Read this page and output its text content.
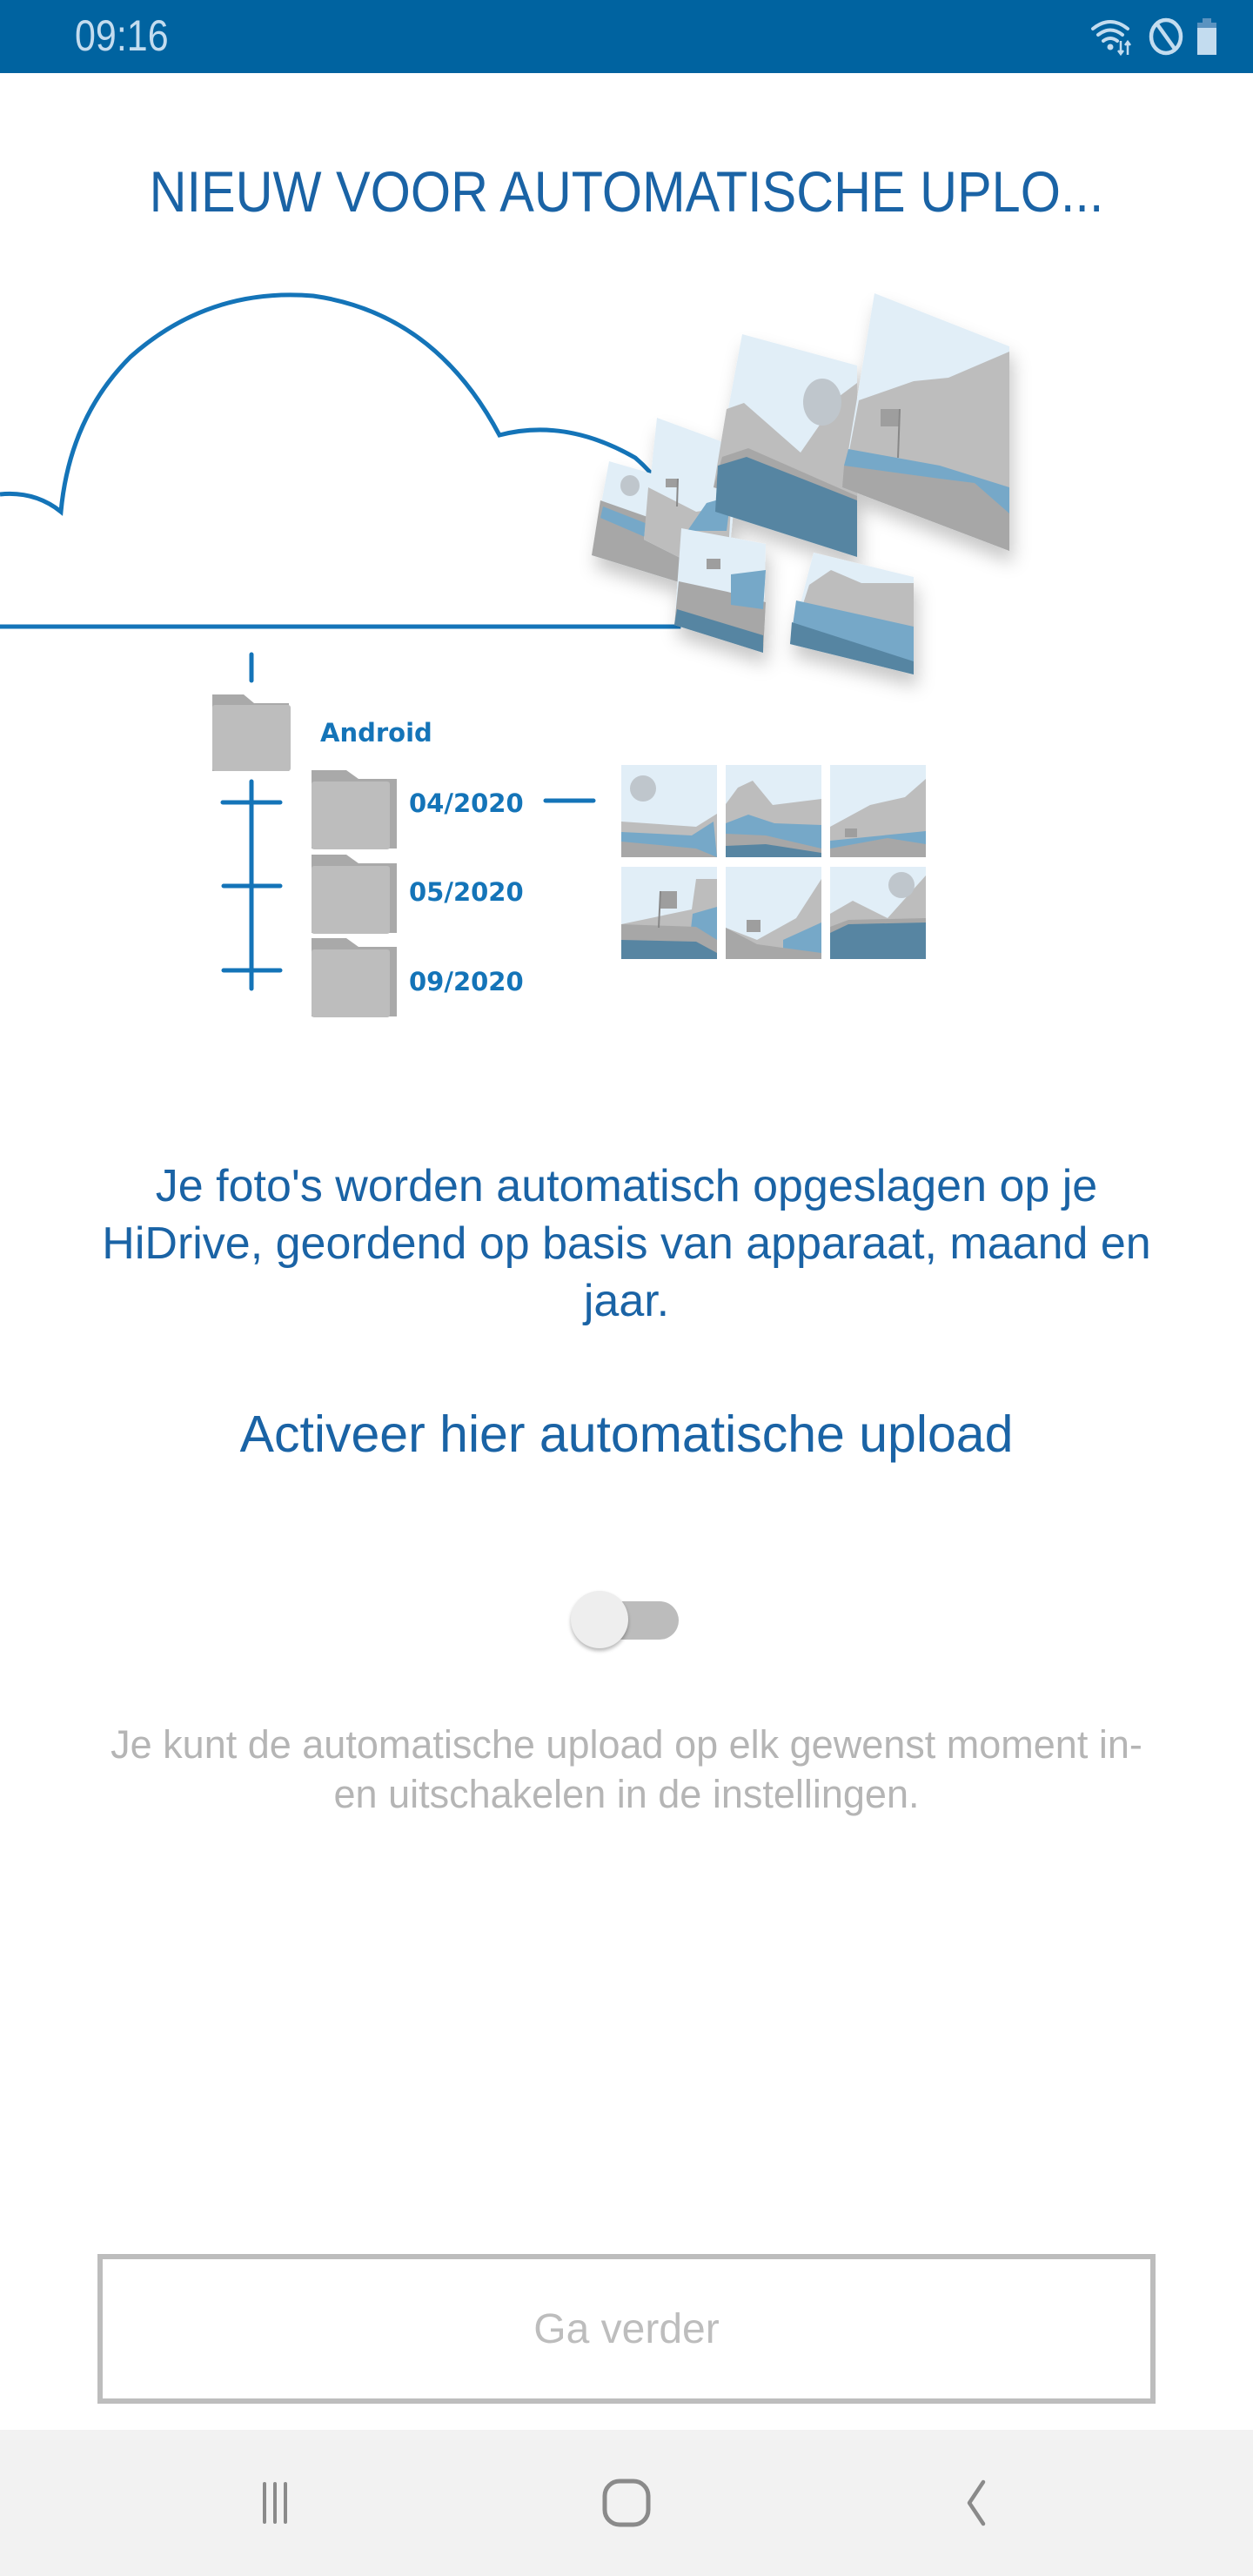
09:16
NIEUW VOOR AUTOMATISCHE UPLO...
Android
04/2020
05/2020
09/2020
Je foto's worden automatisch opgeslagen op je HiDrive, geordend op basis van apparaat, maand en jaar.
Activeer hier automatische upload
Je kunt de automatische upload op elk gewenst moment in- en uitschakelen in de instellingen.
Ga verder
